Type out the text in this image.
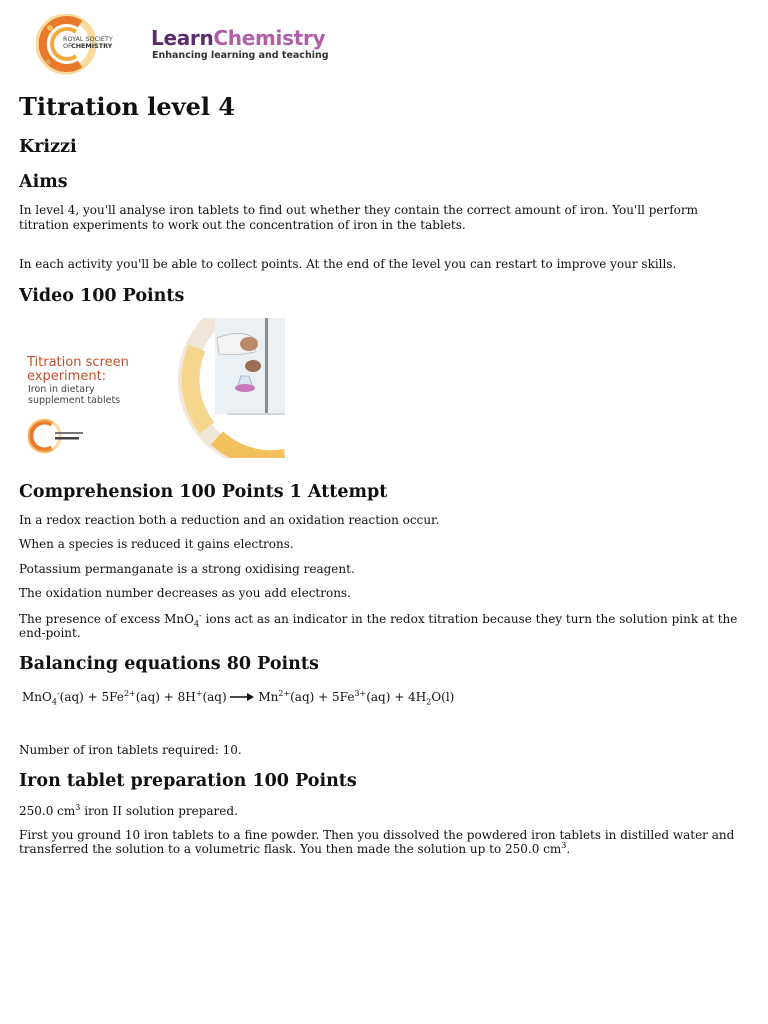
ROYAL SOCIETY
OF CHEMISTRY LearnChemistry
Enhancing learning and teaching
Titration level 4
Krizzi
Aims

In level 4, you'll analyse iron tablets to find out whether they contain the correct amount of iron. You'll perform titration experiments to work out the concentration of iron in the tablets.

In each activity you'll be able to collect points. At the end of the level you can restart to improve your skills.

Video 100 Points
Titration screen
experiment:
Iron in dietary
supplement tablets
Comprehension 100 Points 1 Attempt

In a redox reaction both a reduction and an oxidation reaction occur.

When a species is reduced it gains electrons.

Potassium permanganate is a strong oxidising reagent.

The oxidation number decreases as you add electrons.

The presence of excess MnO$_4$- ions act as an indicator in the redox titration because they turn the solution pink at the end-point.

Balancing equations 80 Points
$MnO_4^-(aq) + 5Fe^{2+}(aq) + 8H^+(aq) \to Mn^{2+}(aq) + 5Fe^{3+}(aq) + 4H_2O(l)$

Number of iron tablets required: 10.

Iron tablet preparation 100 Points

250.0 $cm^3$ iron II solution prepared.

First you ground 10 iron tablets to a fine powder. Then you dissolved the powdered iron tablets in distilled water and transferred the solution to a volumetric flask. You then made the solution up to 250.0 $cm^3$.
